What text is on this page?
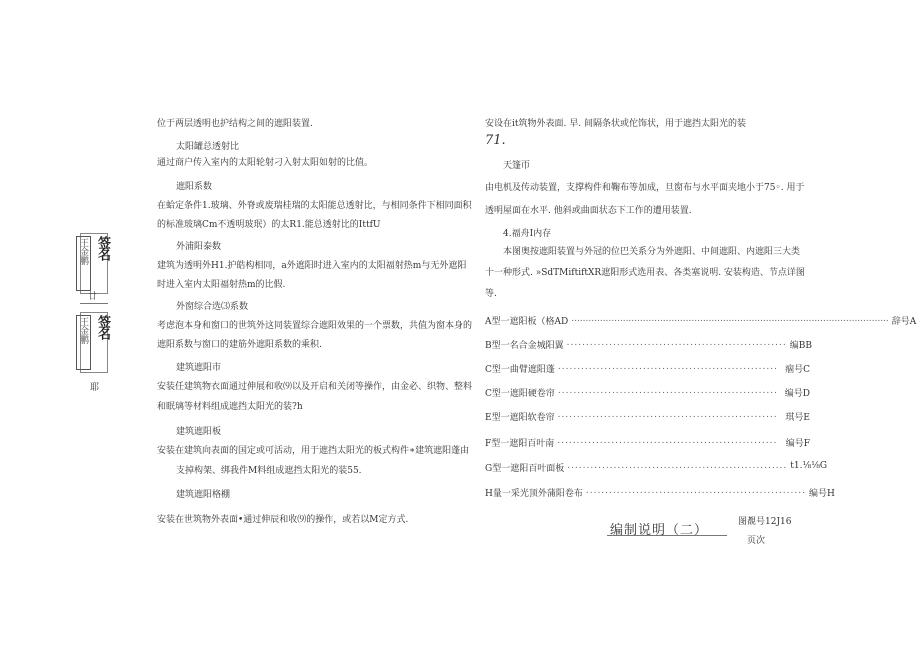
王金鹏 签名
廿
王金鹏 签名
耶
位于两层透明也护结构之间的遮阳装置.
太阳罐总透射比
通过商户传入室内的太阳轮射刁入射太阳如射的比值。
遮阳系数
在蛤定条件1.玻璃、外脊或废瑞桂瑞的太阳能总透射比，与相同条件下相同面积
的标准玻璃Cm不透明玻珉）的太R1.能总透射比的IttfU
外浦阳泰数
建筑为透明外H1.护皓构相同，a外遮阳时进入室内的太阳福射热m与无外遮阳
时进入室内太阳福射热m的比假.
外窗综合选⑶系数
考虑泡本身和窗口的世筑外这同装置综合遮阳效果的一个票数，共值为窗本身的
遮阳系数与窗口的建筋外遮阳系数的乘积.
建筑遮阳市
安装任建筑物衣面通过伸展和收⑼以及开启和关闭等操作，由金必、织物、整料
和眠璃等材料组成遮挡太阳光的装?h
建筑遮阳板
安装在建筑向表面的国定或可活动，用于遮挡太阳光的板式构件∗建筑遮阳蓬由
支掉构架、绑我件M料组成遮挡太阳光的装55.
建筑遮阳格棚
安装在世筑物外表面•通过伸辰和收⑼的操作，或若以M定方式.
安设在it筑物外表面. 早. 间隔条状或佗饰状，用于遮挡太阳光的装
71.
天篷帀
由电机及传动装置，支撑构件和鞠布等加成，旦窗布与水平面夹地小于75◦. 用于
透明屋面在水平. 他斜或曲面状态下工作的遭用装置.
4.福舟I内存
本图奥按遮阳装置与外冠的位巴关系分为外遮阳、中间遮阳、内遮阳三大类
十一种形式. »SdTMiftiftXR遮阳形式选用表、各类塞说明. 安装构造、节点详图
等.
A型一遮阳板（格AD ............................................................................................................... 辞号A
B型一名合金城阳翼 ......................................................... 编BB
C型一曲臂遮阳蓬 ......................................................... 痼号C
C型一遮阳硬卷帘 ......................................................... 编号D
E型一遮阳软卷帘 ......................................................... 琪号E
F型一遮阳百叶南 ......................................................... 编号F
G型一遮阳百叶面板 ......................................................... t1.⅛⅛G
H量一采光顶外蒲阳卷布 ......................................................... 编号H
编制说明（二）
图覩号12J16
页次
